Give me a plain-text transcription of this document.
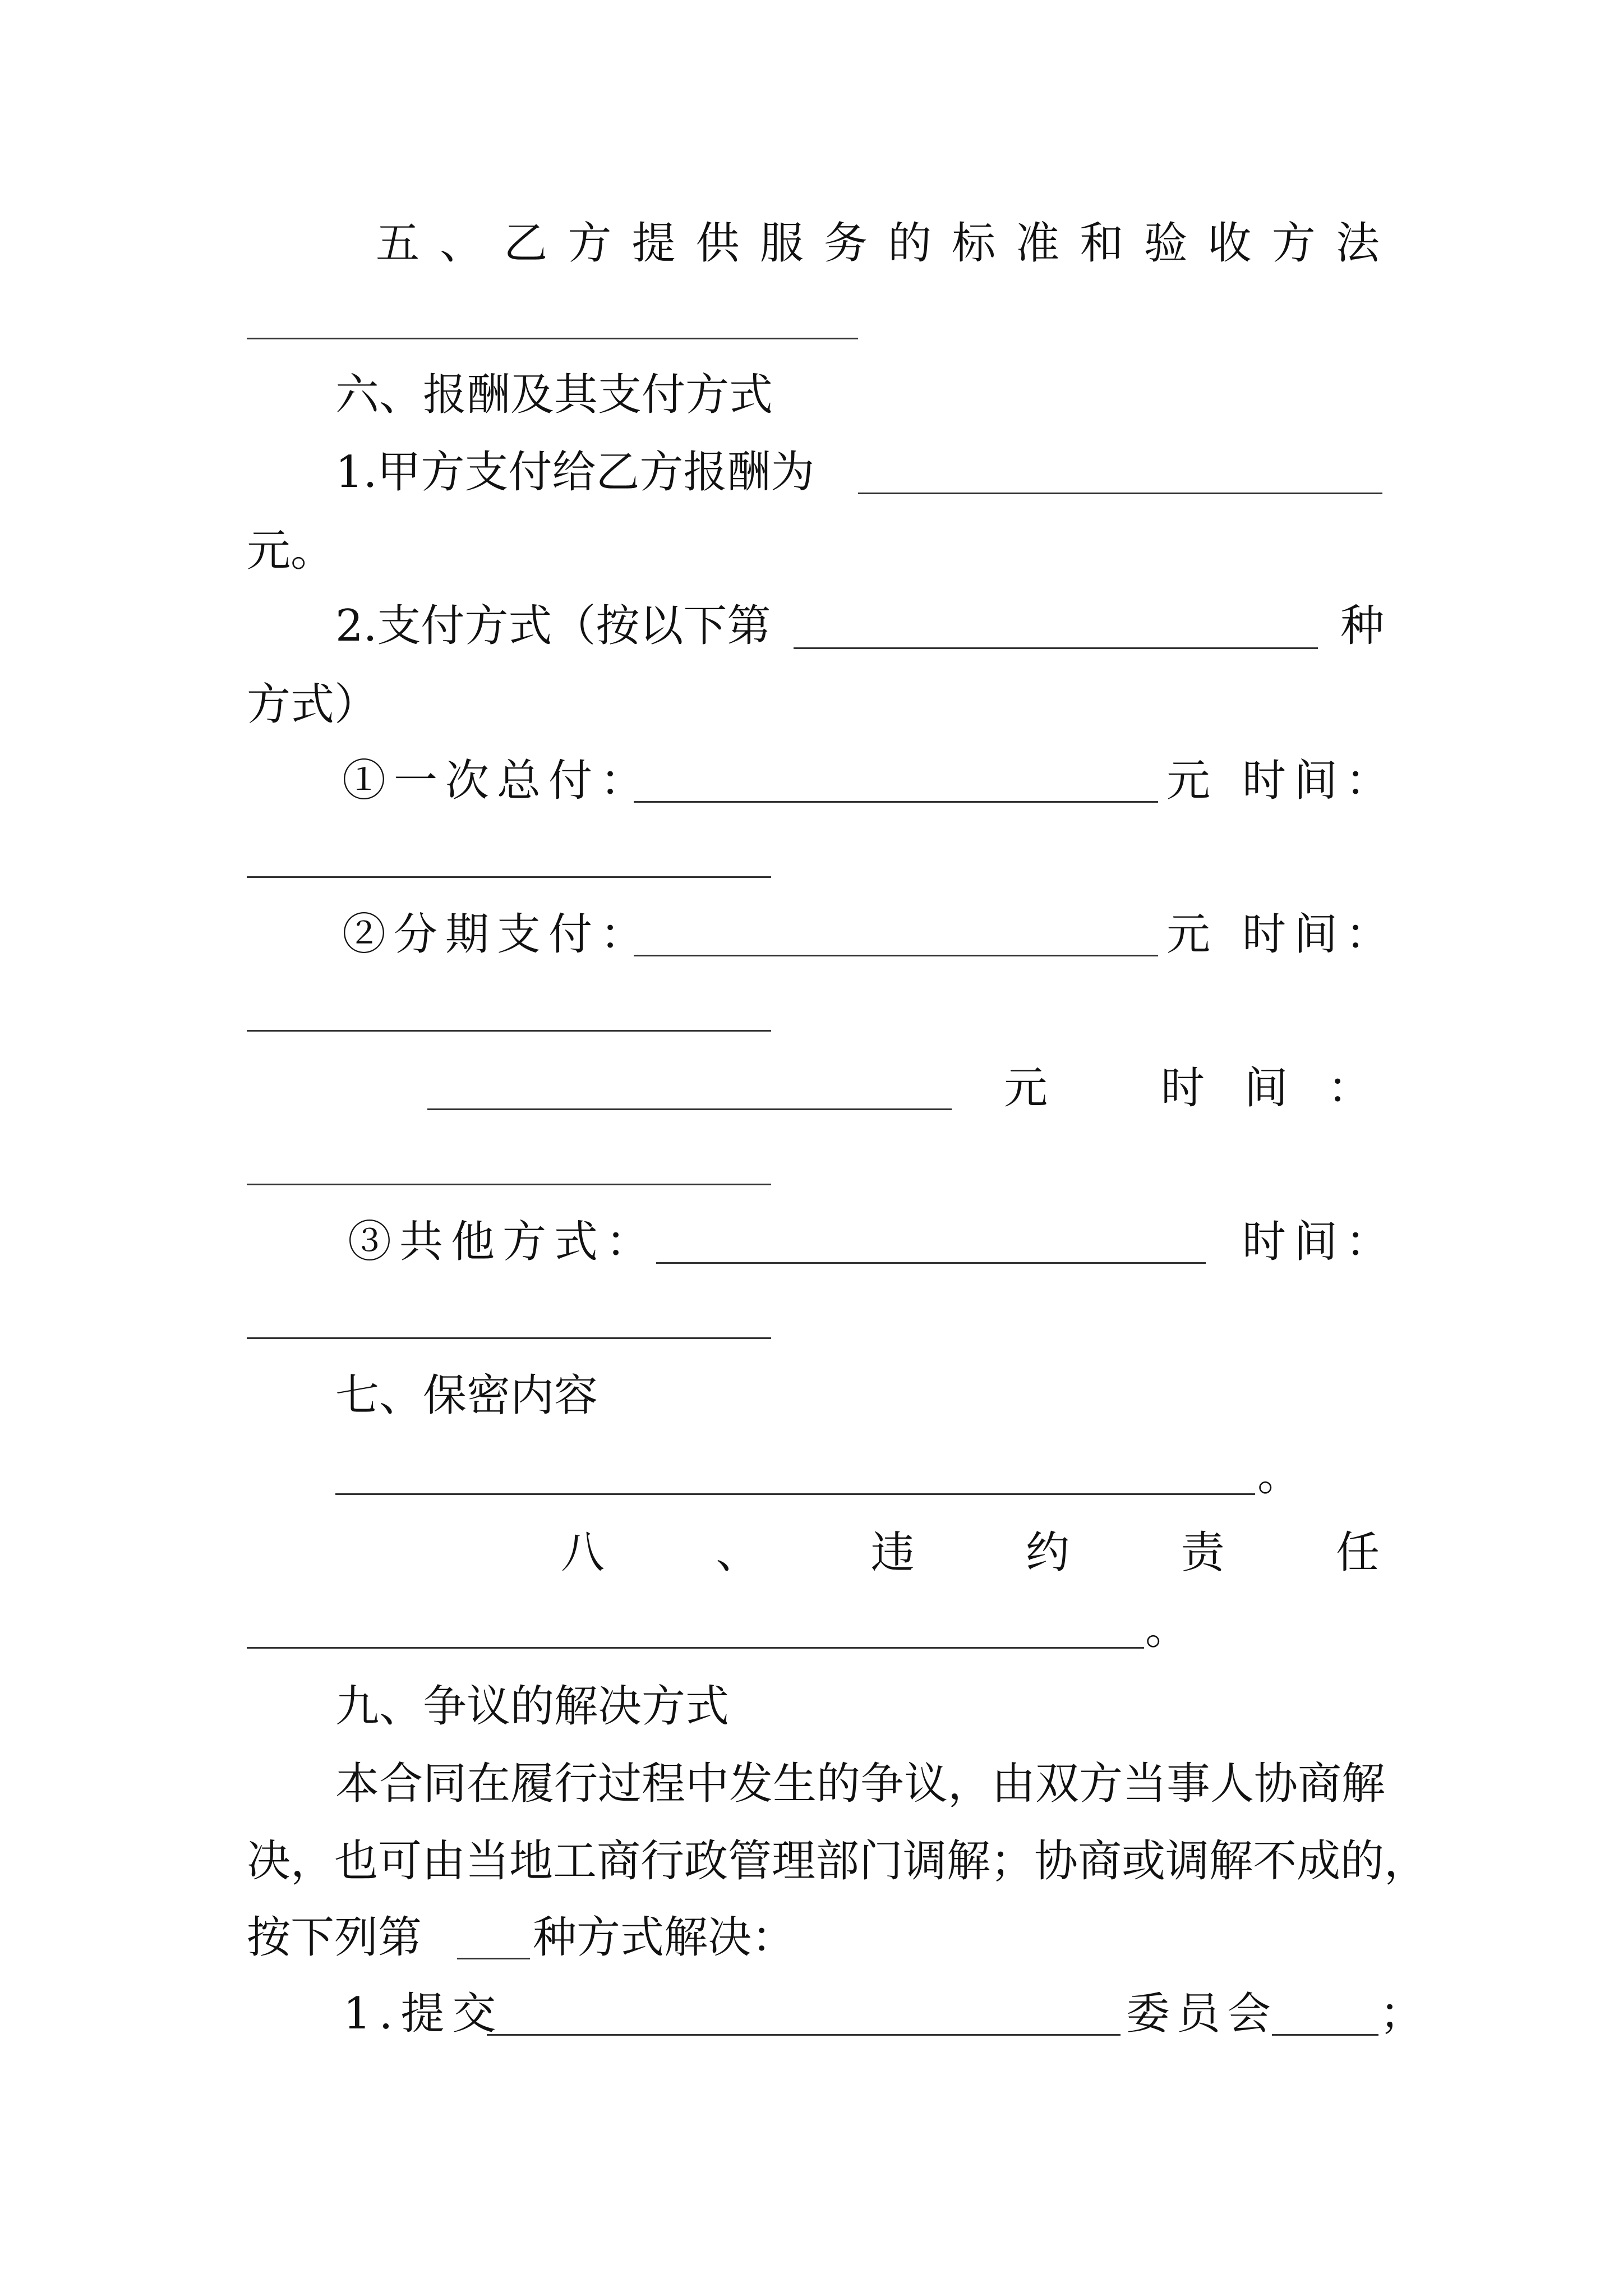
五 、 乙 方 提 供 服 务 的 标 准 和 验 收 方 法
六、报酬及其支付方式
1.甲方支付给乙方报酬为
元。
2.支付方式（按以下第	种
方式）
①一次总付：	元 时间：
②分期支付：	元 时间：
元	时 间 ：
③共他方式：	时间：
七、保密内容
。
八	、	违	约	责	任
。
九、争议的解决方式
本合同在履行过程中发生的争议，由双方当事人协商解
决，也可由当地工商行政管理部门调解；协商或调解不成的，
按下列第	种方式解决：
1.提交	委员会 ；
